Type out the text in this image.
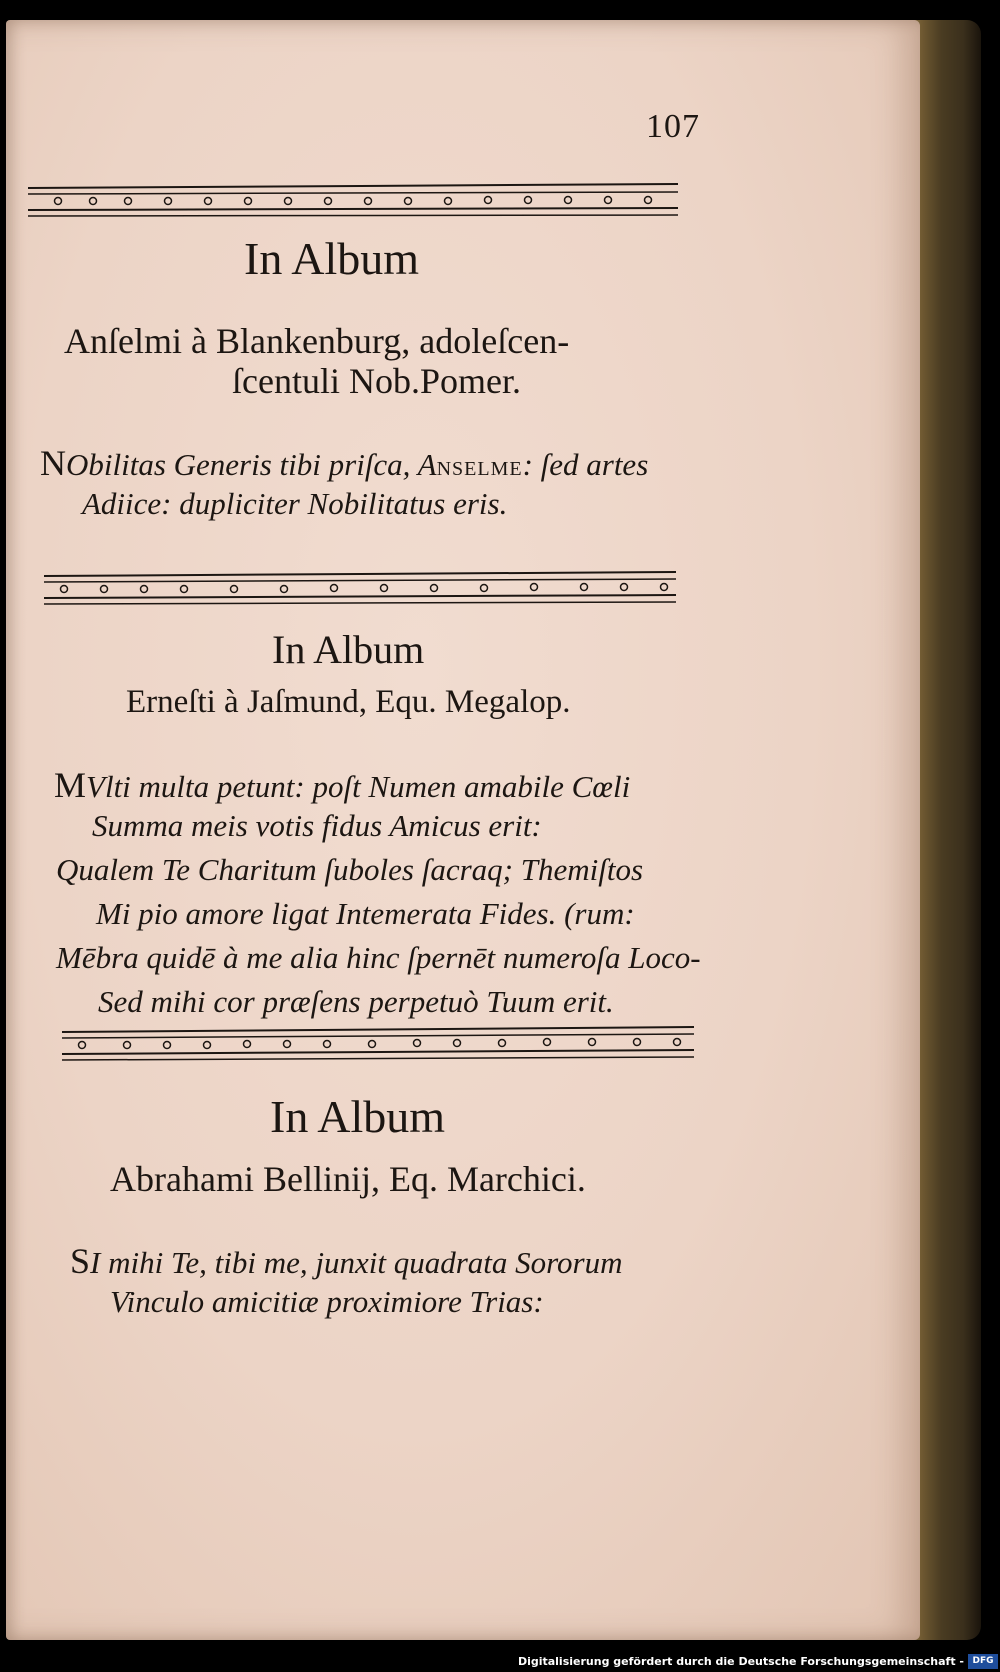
107
In Album
Anſelmi à Blankenburg, adoleſcen-
ſcentuli Nob.Pomer.
NObilitas Generis tibi priſca, Anselme: ſed artes
Adiice: dupliciter Nobilitatus eris.
In Album
Erneſti à Jaſmund, Equ. Megalop.
MVlti multa petunt: poſt Numen amabile Cœli
Summa meis votis fidus Amicus erit:
Qualem Te Charitum ſuboles ſacraq; Themiſtos
Mi pio amore ligat Intemerata Fides. (rum:
Mēbra quidē à me alia hinc ſpernēt numeroſa Loco-
Sed mihi cor præſens perpetuò Tuum erit.
In Album
Abrahami Bellinij, Eq. Marchici.
SI mihi Te, tibi me, junxit quadrata Sororum
Vinculo amicitiæ proximiore Trias:
Digitalisierung gefördert durch die Deutsche Forschungsgemeinschaft - DFG
